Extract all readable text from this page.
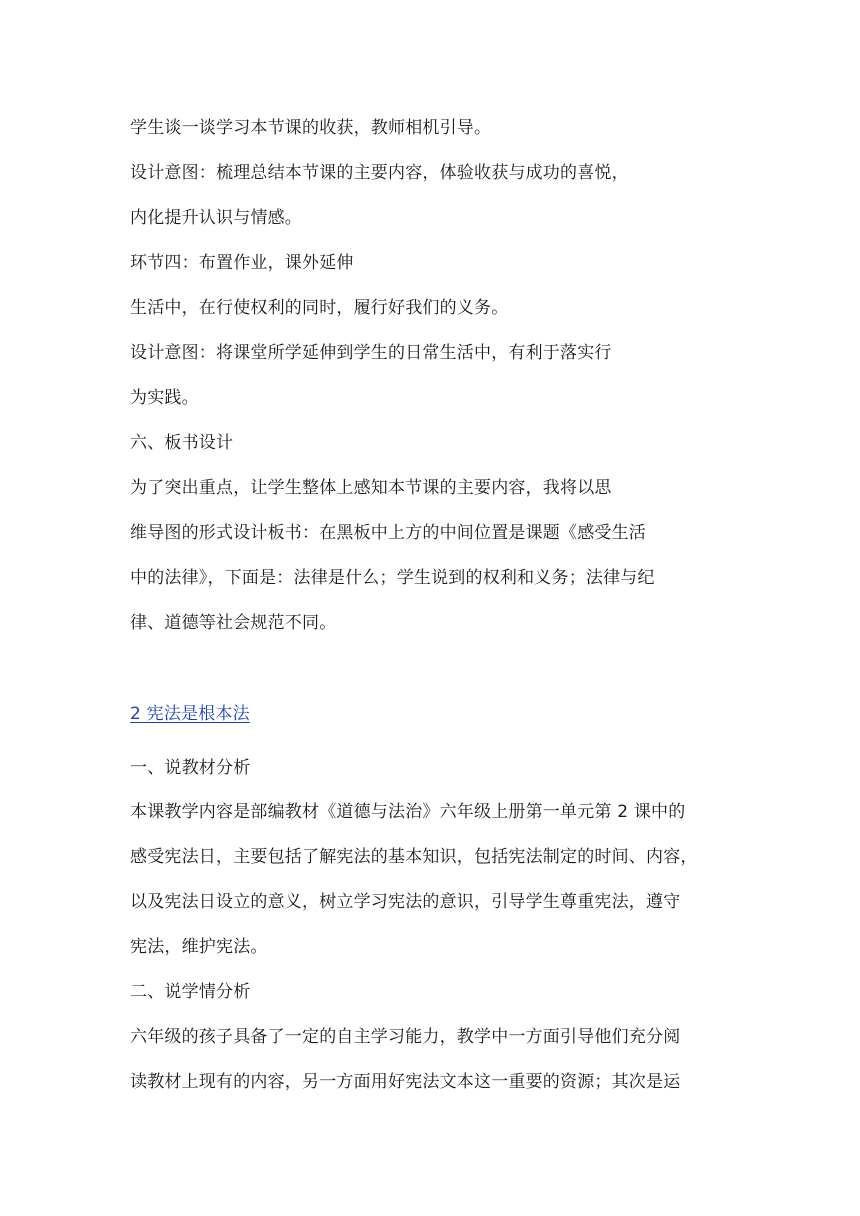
学生谈一谈学习本节课的收获，教师相机引导。
设计意图：梳理总结本节课的主要内容，体验收获与成功的喜悦，
内化提升认识与情感。
环节四：布置作业，课外延伸
生活中，在行使权利的同时，履行好我们的义务。
设计意图：将课堂所学延伸到学生的日常生活中，有利于落实行
为实践。
六、板书设计
为了突出重点，让学生整体上感知本节课的主要内容，我将以思
维导图的形式设计板书：在黑板中上方的中间位置是课题《感受生活
中的法律》，下面是：法律是什么；学生说到的权利和义务；法律与纪
律、道德等社会规范不同。
2 宪法是根本法
一、说教材分析
本课教学内容是部编教材《道德与法治》六年级上册第一单元第 2 课中的
感受宪法日，主要包括了解宪法的基本知识，包括宪法制定的时间、内容，
以及宪法日设立的意义，树立学习宪法的意识，引导学生尊重宪法，遵守
宪法，维护宪法。
二、说学情分析
六年级的孩子具备了一定的自主学习能力，教学中一方面引导他们充分阅
读教材上现有的内容，另一方面用好宪法文本这一重要的资源；其次是运
